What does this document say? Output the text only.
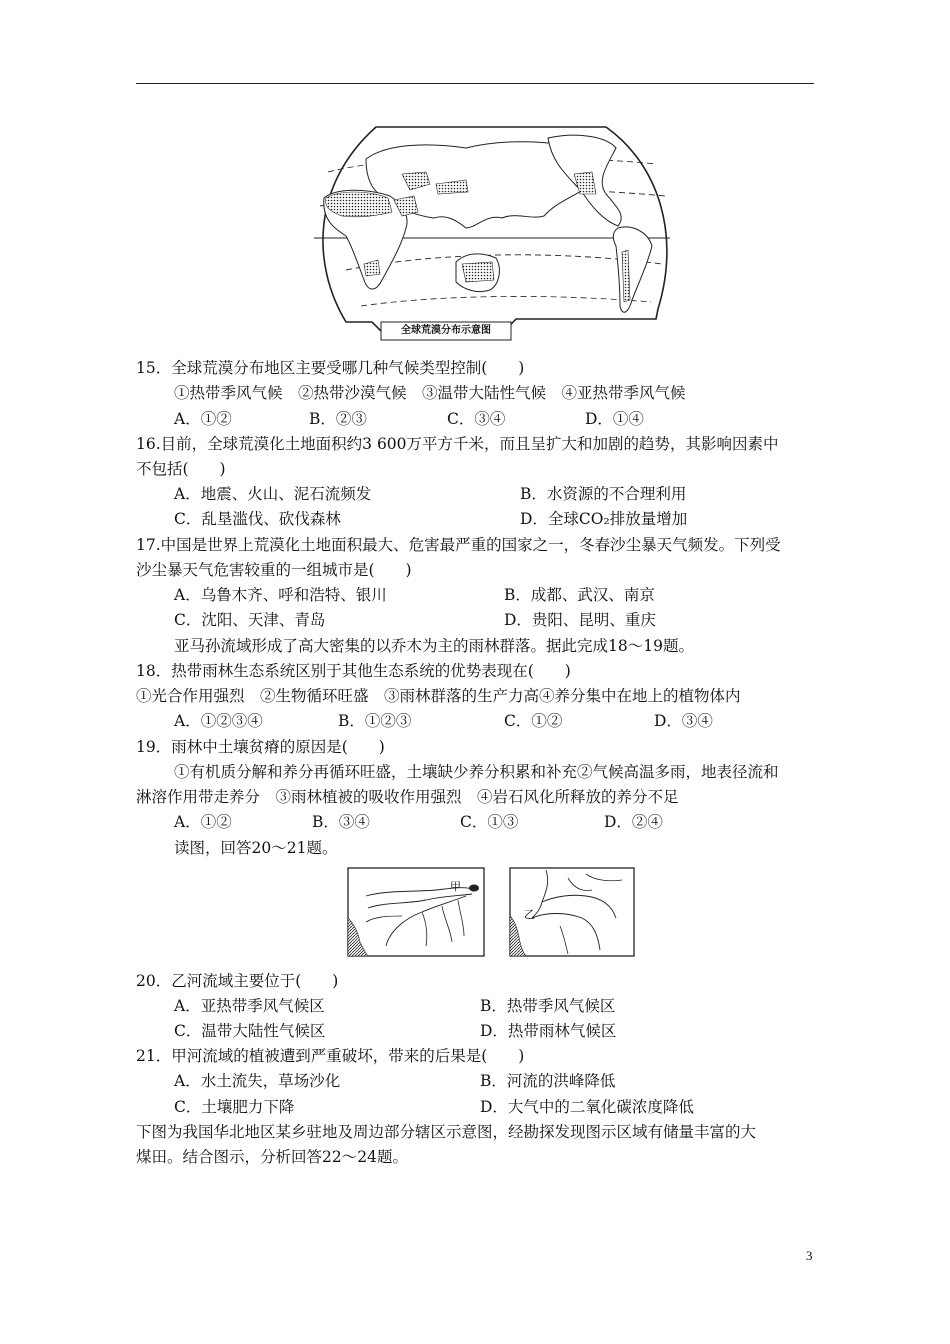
全球荒漠分布示意图
15．全球荒漠分布地区主要受哪几种气候类型控制(　　)
①热带季风气候　②热带沙漠气候　③温带大陆性气候　④亚热带季风气候
A．①②	B．②③	C．③④	D．①④
16.目前，全球荒漠化土地面积约3 600万平方千米，而且呈扩大和加剧的趋势，其影响因素中
不包括(　　)
A．地震、火山、泥石流频发	B．水资源的不合理利用
C．乱垦滥伐、砍伐森林	D．全球CO₂排放量增加
17.中国是世界上荒漠化土地面积最大、危害最严重的国家之一，冬春沙尘暴天气频发。下列受
沙尘暴天气危害较重的一组城市是(　　)
A．乌鲁木齐、呼和浩特、银川	B．成都、武汉、南京
C．沈阳、天津、青岛	D．贵阳、昆明、重庆
亚马孙流域形成了高大密集的以乔木为主的雨林群落。据此完成18～19题。
18．热带雨林生态系统区别于其他生态系统的优势表现在(　　)
①光合作用强烈　②生物循环旺盛　③雨林群落的生产力高④养分集中在地上的植物体内
A．①②③④	B．①②③	C．①②	D．③④
19．雨林中土壤贫瘠的原因是(　　)
①有机质分解和养分再循环旺盛，土壤缺少养分积累和补充②气候高温多雨，地表径流和
淋溶作用带走养分　③雨林植被的吸收作用强烈　④岩石风化所释放的养分不足
A．①②	B．③④	C．①③	D．②④
读图，回答20～21题。
20．乙河流域主要位于(　　)
A．亚热带季风气候区	B．热带季风气候区
C．温带大陆性气候区	D．热带雨林气候区
21．甲河流域的植被遭到严重破坏，带来的后果是(　　)
A．水土流失，草场沙化	B．河流的洪峰降低
C．土壤肥力下降	D．大气中的二氧化碳浓度降低
下图为我国华北地区某乡驻地及周边部分辖区示意图，经勘探发现图示区域有储量丰富的大
煤田。结合图示，分析回答22～24题。
甲
乙
3
